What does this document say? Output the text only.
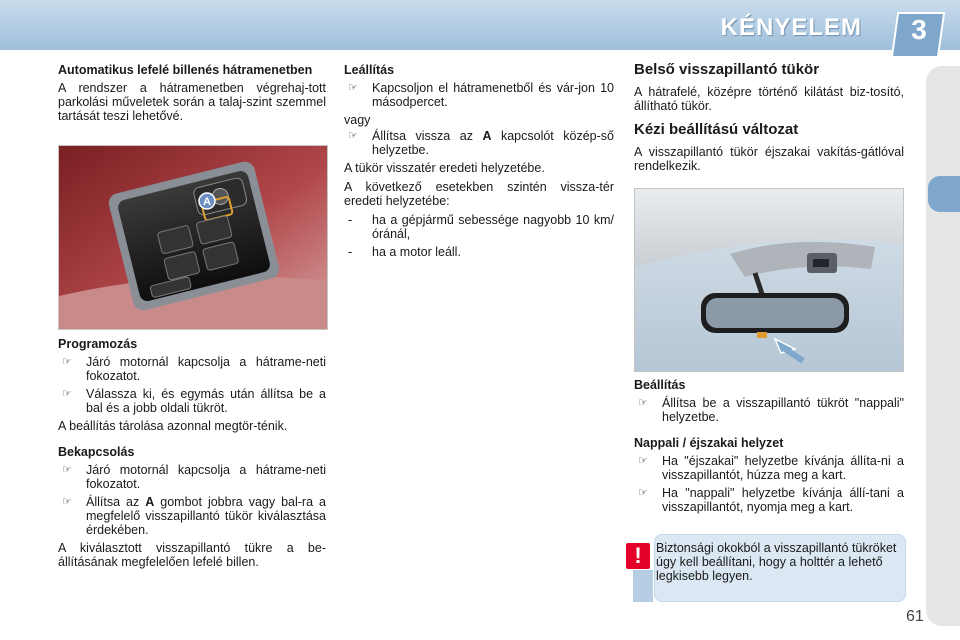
KÉNYELEM	3
Automatikus lefelé billenés hátramenetben

A rendszer a hátramenetben végrehaj-tott parkolási műveletek során a talaj-szint szemmel tartását teszi lehetővé.

A
Programozás
☞	Járó motornál kapcsolja a hátrame-neti fokozatot.
☞	Válassza ki, és egymás után állítsa be a bal és a jobb oldali tükröt.

A beállítás tárolása azonnal megtör-ténik.

Bekapcsolás
☞	Járó motornál kapcsolja a hátrame-neti fokozatot.
☞	Állítsa az A gombot jobbra vagy bal-ra a megfelelő visszapillantó tükör kiválasztása érdekében.

A kiválasztott visszapillantó tükre a be-állításának megfelelően lefelé billen.

Leállítás
☞	Kapcsoljon el hátramenetből és vár-jon 10 másodpercet.

vagy

☞	Állítsa vissza az A kapcsolót közép-ső helyzetbe.

A tükör visszatér eredeti helyzetébe.

A következő esetekben szintén vissza-tér eredeti helyzetébe:

-	ha a gépjármű sebessége nagyobb 10 km/óránál,
-	ha a motor leáll.
Belső visszapillantó tükör

A hátrafelé, középre történő kilátást biz-tosító, állítható tükör.

Kézi beállítású változat

A visszapillantó tükör éjszakai vakítás-gátlóval rendelkezik.

Beállítás
☞	Állítsa be a visszapillantó tükröt "nappali" helyzetbe.
Nappali / éjszakai helyzet
☞	Ha "éjszakai" helyzetbe kívánja állíta-ni a visszapillantót, húzza meg a kart.
☞	Ha "nappali" helyzetbe kívánja állí-tani a visszapillantót, nyomja meg a kart.
!	Biztonsági okokból a visszapillantó tükröket úgy kell beállítani, hogy a holttér a lehető legkisebb legyen.
61
